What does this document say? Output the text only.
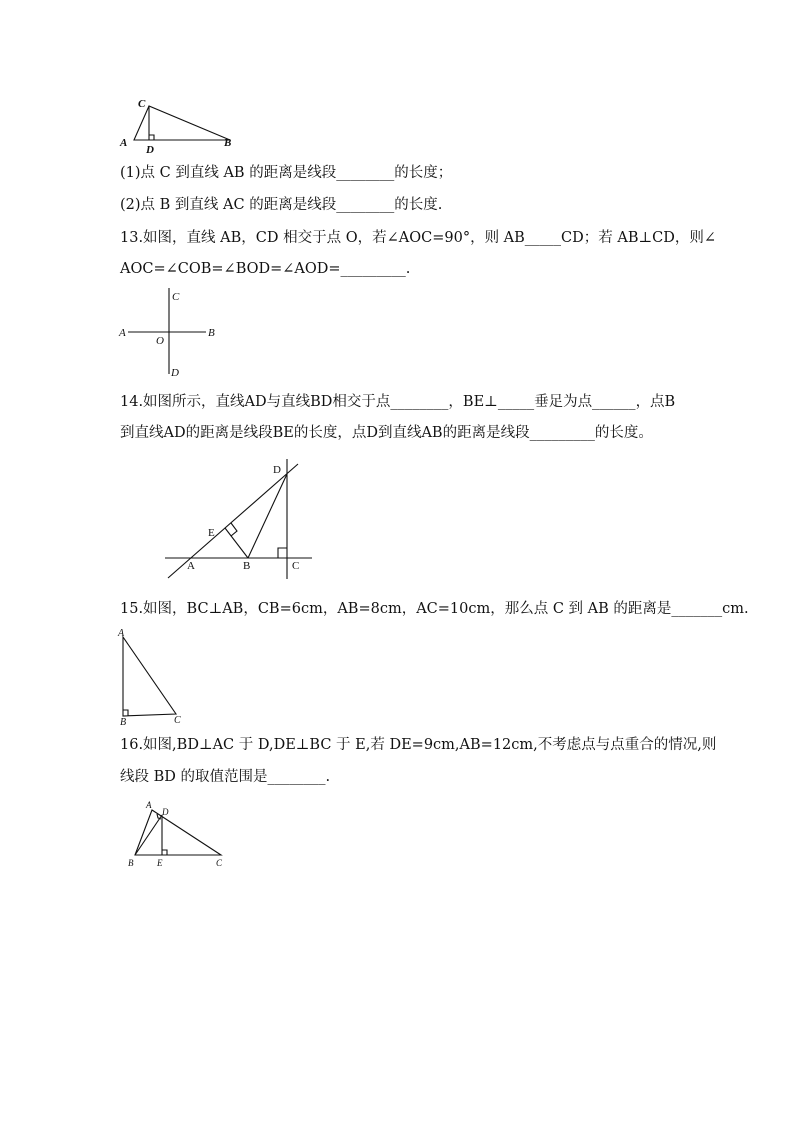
C
A	B
D
(1)点 C 到直线 AB 的距离是线段________的长度；
(2)点 B 到直线 AC 的距离是线段________的长度.
13.如图，直线 AB，CD 相交于点 O，若∠AOC=90°，则 AB_____CD；若 AB⊥CD，则∠
AOC=∠COB=∠BOD=∠AOD=_________.
C
A
O
B
D
14.如图所示，直线AD与直线BD相交于点________，BE⊥_____垂足为点______，点B
到直线AD的距离是线段BE的长度，点D到直线AB的距离是线段_________的长度。
D
E
A	B	C
15.如图，BC⊥AB，CB=6cm，AB=8cm，AC=10cm，那么点 C 到 AB 的距离是_______cm.
A
B	C
16.如图,BD⊥AC 于 D,DE⊥BC 于 E,若 DE=9cm,AB=12cm,不考虑点与点重合的情况,则
线段 BD 的取值范围是________.
A
D
B	E	C
